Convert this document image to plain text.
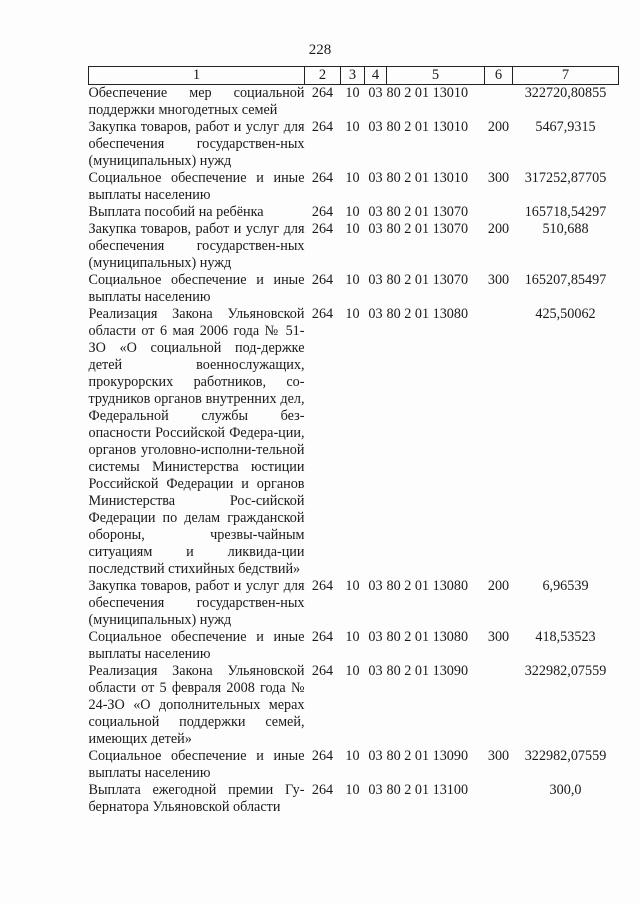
228
1	2	3	4	5	6	7
Обеспечение мер социальной поддержки многодетных семей	264	10	03	80 2 01 13010		322720,80855
Закупка товаров, работ и услуг для обеспечения государствен-ных (муниципальных) нужд	264	10	03	80 2 01 13010	200	5467,9315
Социальное обеспечение и иные выплаты населению	264	10	03	80 2 01 13010	300	317252,87705
Выплата пособий на ребёнка	264	10	03	80 2 01 13070		165718,54297
Закупка товаров, работ и услуг для обеспечения государствен-ных (муниципальных) нужд	264	10	03	80 2 01 13070	200	510,688
Социальное обеспечение и иные выплаты населению	264	10	03	80 2 01 13070	300	165207,85497
Реализация Закона Ульяновской области от 6 мая 2006 года № 51-ЗО «О социальной под-держке детей военнослужащих, прокурорских работников, со-трудников органов внутренних дел, Федеральной службы без-опасности Российской Федера-ции, органов уголовно-исполни-тельной системы Министерства юстиции Российской Федерации и органов Министерства Рос-сийской Федерации по делам гражданской обороны, чрезвы-чайным ситуациям и ликвида-ции последствий стихийных бедствий»	264	10	03	80 2 01 13080		425,50062
Закупка товаров, работ и услуг для обеспечения государствен-ных (муниципальных) нужд	264	10	03	80 2 01 13080	200	6,96539
Социальное обеспечение и иные выплаты населению	264	10	03	80 2 01 13080	300	418,53523
Реализация Закона Ульяновской области от 5 февраля 2008 года № 24-ЗО «О дополнительных мерах социальной поддержки семей, имеющих детей»	264	10	03	80 2 01 13090		322982,07559
Социальное обеспечение и иные выплаты населению	264	10	03	80 2 01 13090	300	322982,07559
Выплата ежегодной премии Гу-бернатора Ульяновской области	264	10	03	80 2 01 13100		300,0
